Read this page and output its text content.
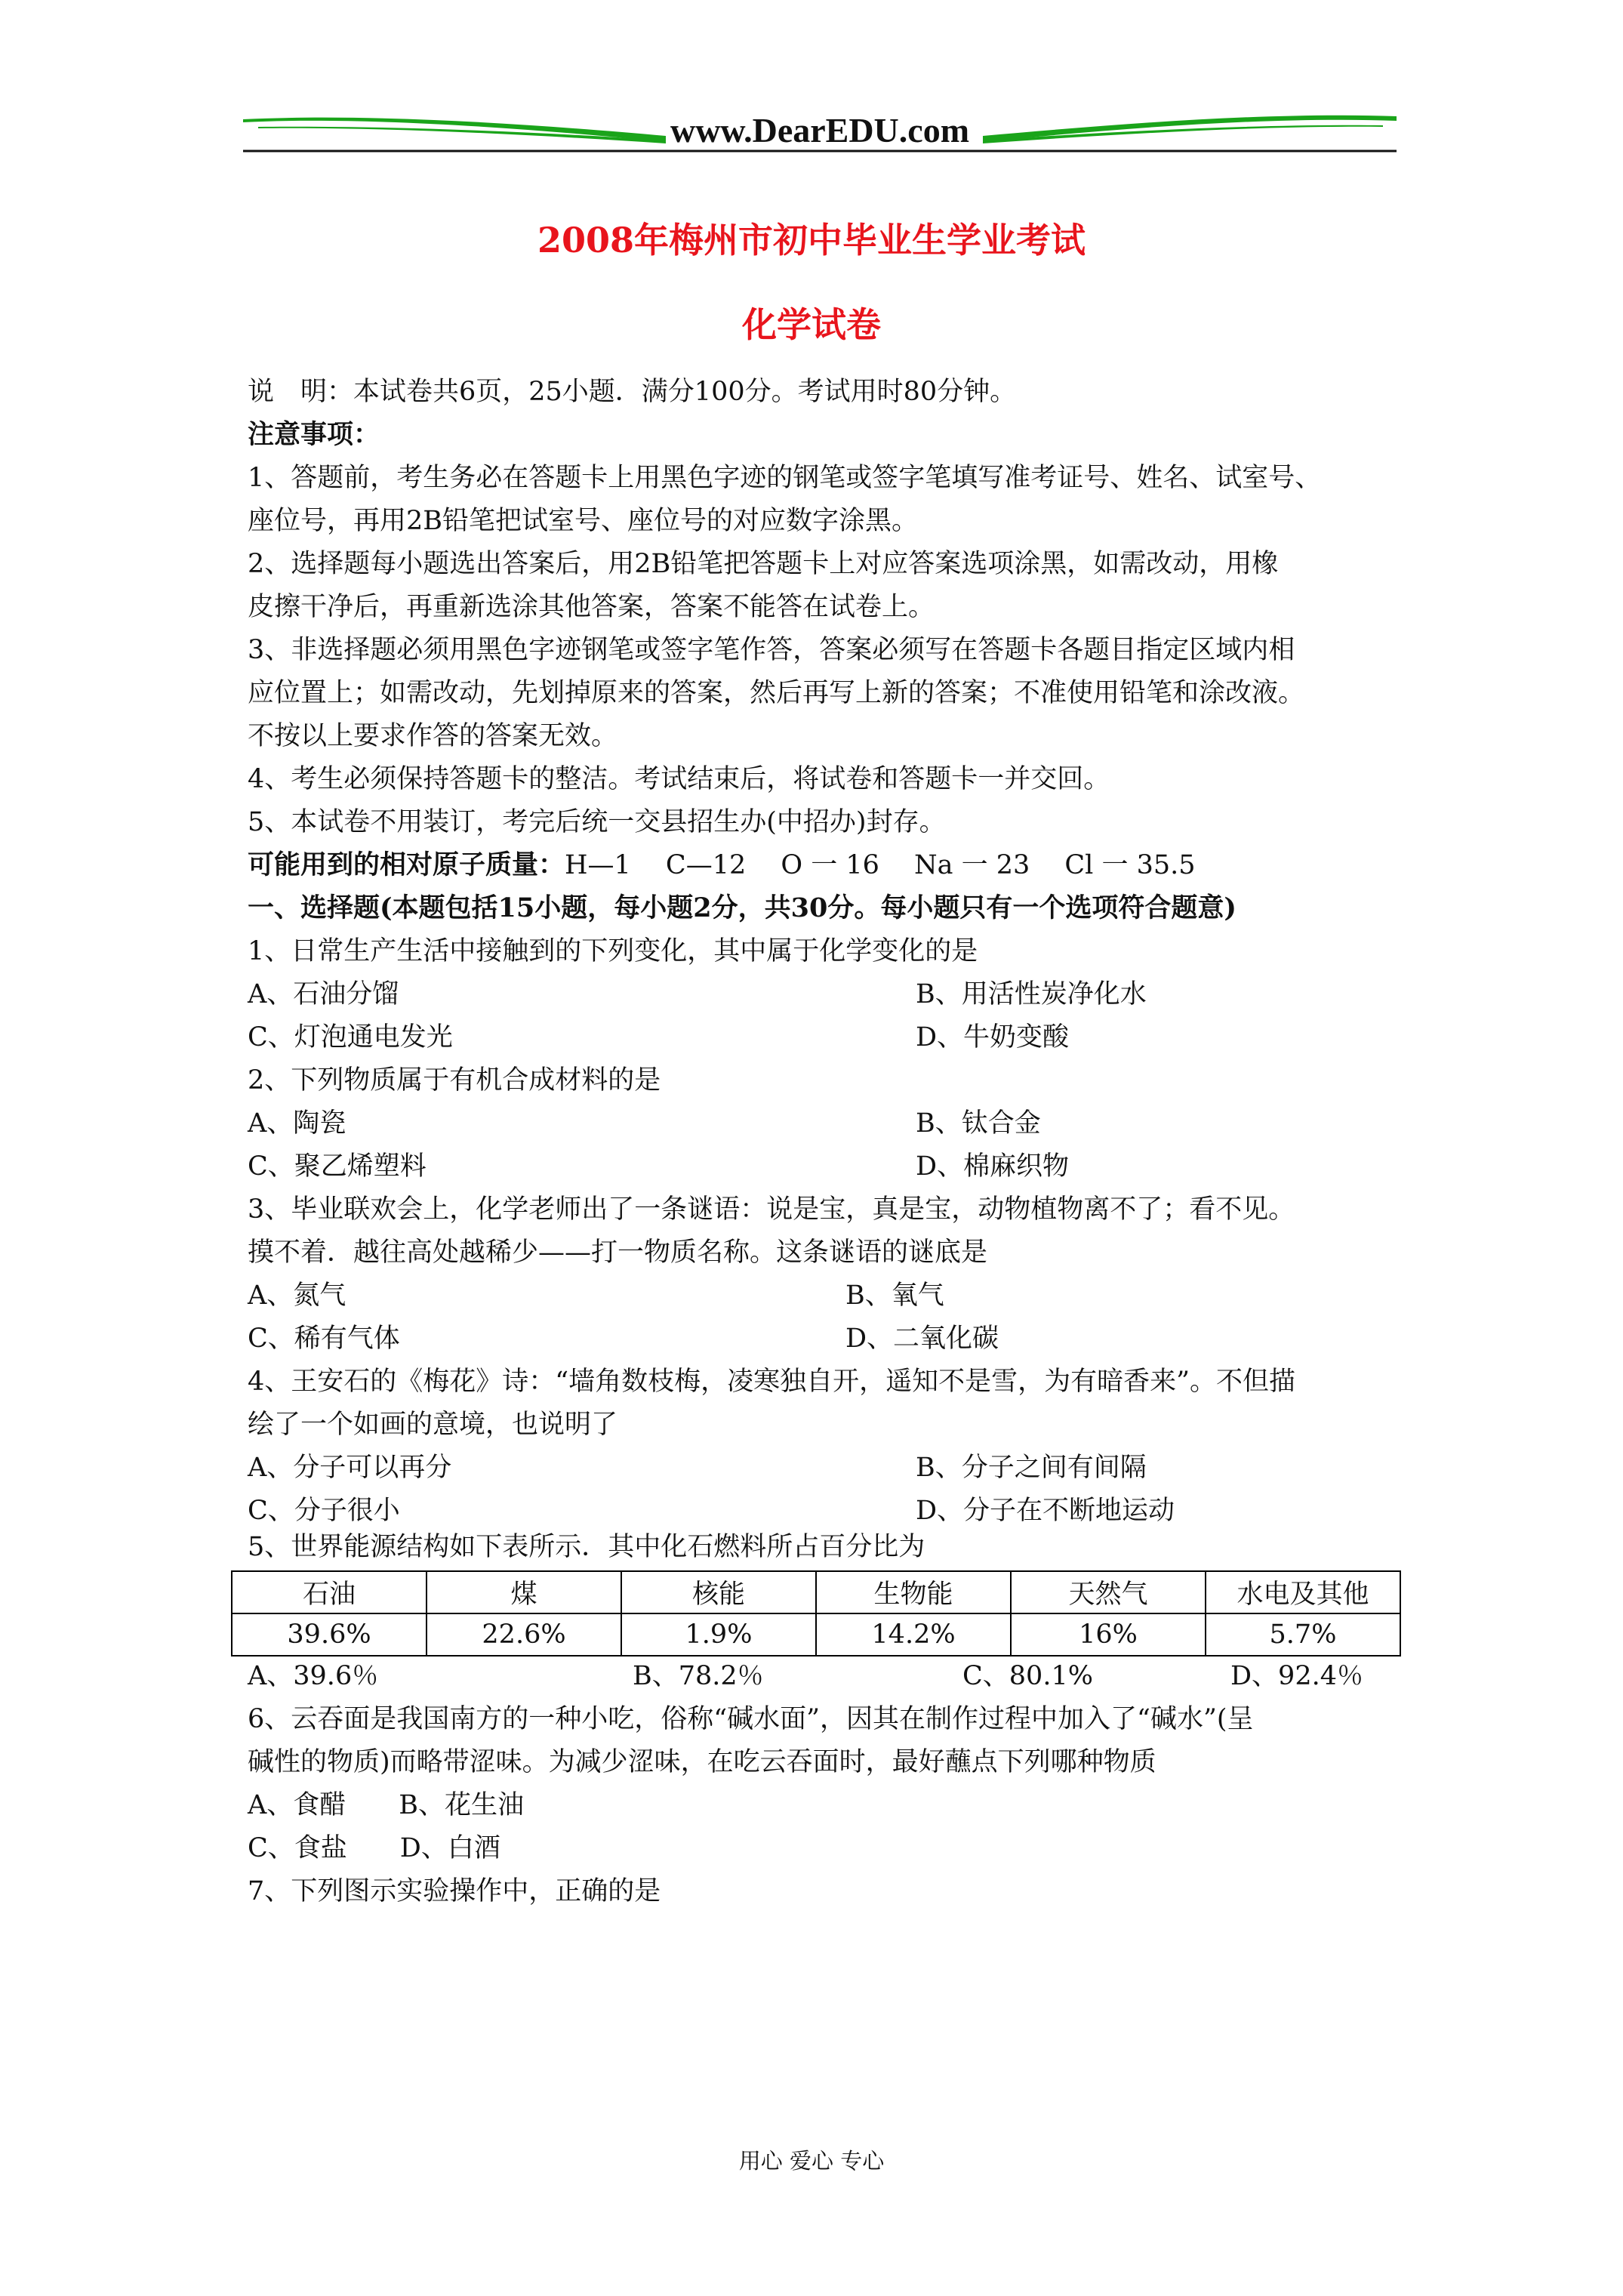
www.DearEDU.com
2008年梅州市初中毕业生学业考试
化学试卷
说　明：本试卷共6页，25小题．满分100分。考试用时80分钟。
注意事项：
1、答题前，考生务必在答题卡上用黑色字迹的钢笔或签字笔填写准考证号、姓名、试室号、
座位号，再用2B铅笔把试室号、座位号的对应数字涂黑。
2、选择题每小题选出答案后，用2B铅笔把答题卡上对应答案选项涂黑，如需改动，用橡
皮擦干净后，再重新选涂其他答案，答案不能答在试卷上。
3、非选择题必须用黑色字迹钢笔或签字笔作答，答案必须写在答题卡各题目指定区域内相
应位置上；如需改动，先划掉原来的答案，然后再写上新的答案；不准使用铅笔和涂改液。
不按以上要求作答的答案无效。
4、考生必须保持答题卡的整洁。考试结束后，将试卷和答题卡一并交回。
5、本试卷不用装订，考完后统一交县招生办(中招办)封存。
可能用到的相对原子质量：H—1　 C—12　 O 一 16　 Na 一 23　 Cl 一 35.5
一、选择题(本题包括15小题，每小题2分，共30分。每小题只有一个选项符合题意)
1、日常生产生活中接触到的下列变化，其中属于化学变化的是
A、石油分馏	B、用活性炭净化水
C、灯泡通电发光	D、牛奶变酸
2、下列物质属于有机合成材料的是
A、陶瓷	B、钛合金
C、聚乙烯塑料	D、棉麻织物
3、毕业联欢会上，化学老师出了一条谜语：说是宝，真是宝，动物植物离不了；看不见。
摸不着．越往高处越稀少——打一物质名称。这条谜语的谜底是
A、氮气	B、氧气
C、稀有气体	D、二氧化碳
4、王安石的《梅花》诗：“墙角数枝梅，凌寒独自开，遥知不是雪，为有暗香来”。不但描
绘了一个如画的意境，也说明了
A、分子可以再分	B、分子之间有间隔
C、分子很小	D、分子在不断地运动
5、世界能源结构如下表所示．其中化石燃料所占百分比为
石油	煤	核能	生物能	天然气	水电及其他
39.6%	22.6%	1.9%	14.2%	16%	5.7%
A、39.6％	B、78.2％	C、80.1%	D、92.4％
6、云吞面是我国南方的一种小吃，俗称“碱水面”，因其在制作过程中加入了“碱水”(呈
碱性的物质)而略带涩味。为减少涩味，在吃云吞面时，最好蘸点下列哪种物质
A、食醋　　B、花生油
C、食盐　　D、白酒
7、下列图示实验操作中，正确的是
用心 爱心 专心
